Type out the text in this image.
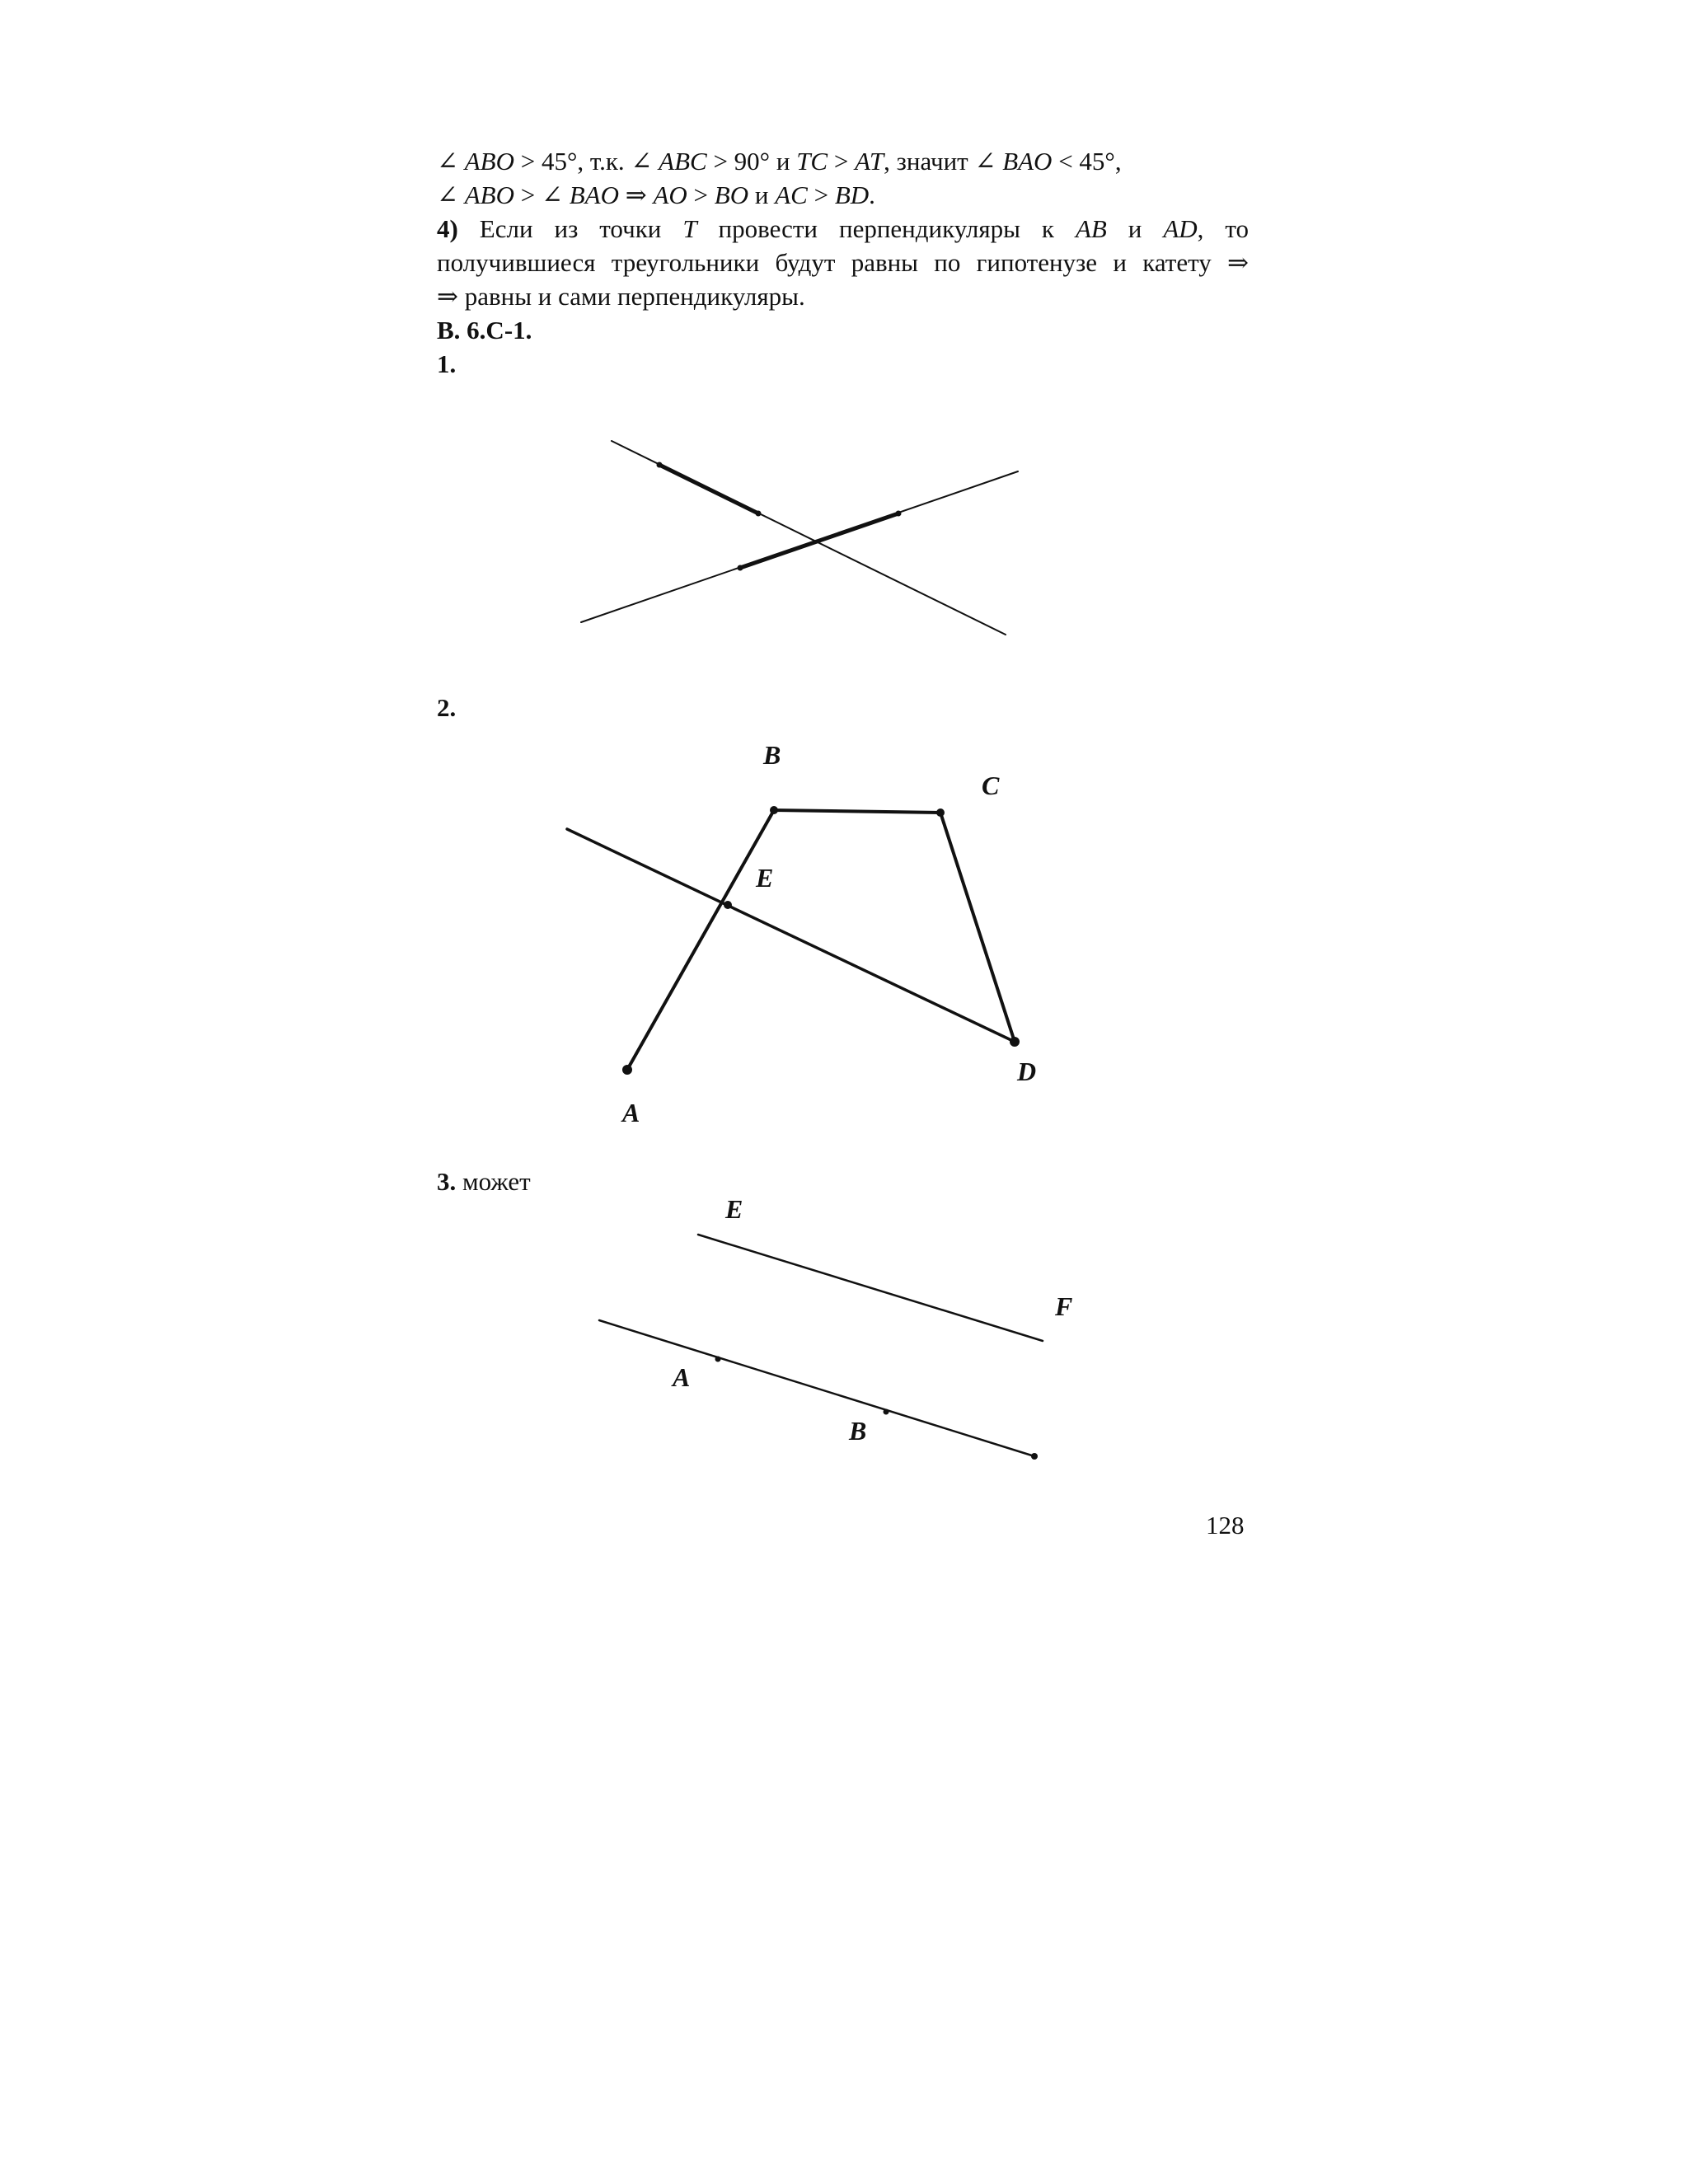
∠ ABO > 45°, т.к. ∠ ABC > 90° и TC > AT, значит ∠ BAO < 45°,
∠ ABO > ∠ BAO ⇒ AO > BO и AC > BD.
4) Если из точки T провести перпендикуляры к AB и AD, то
получившиеся треугольники будут равны по гипотенузе и катету ⇒
⇒ равны и сами перпендикуляры.
В. 6.С-1.
1.
2.
B
C
E
A
D
3. может
E
F
A
B
128
